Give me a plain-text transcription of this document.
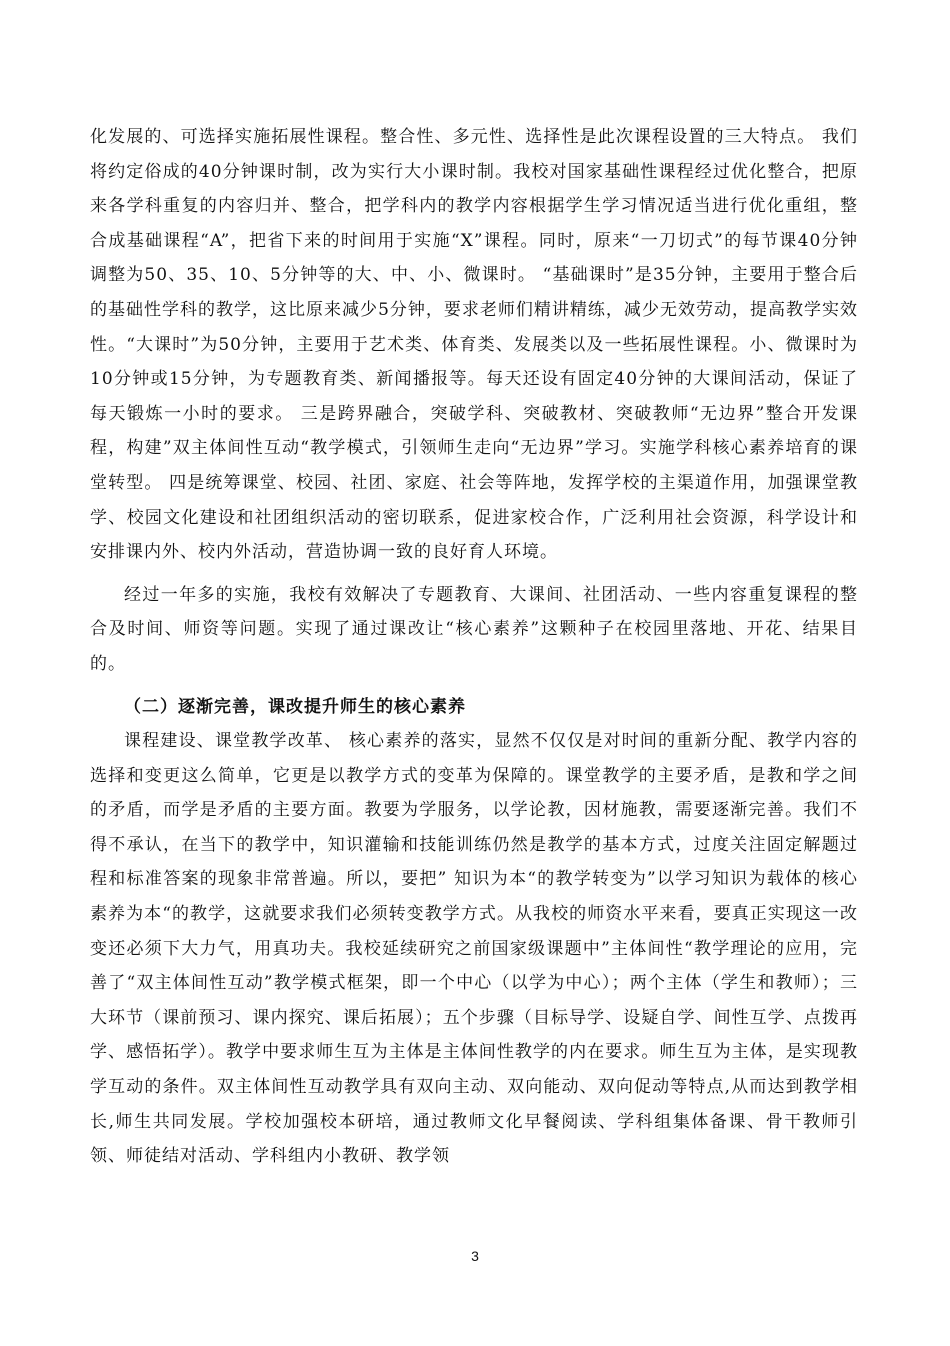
化发展的、可选择实施拓展性课程。整合性、多元性、选择性是此次课程设置的三大特点。 我们将约定俗成的40分钟课时制，改为实行大小课时制。我校对国家基础性课程经过优化整合，把原来各学科重复的内容归并、整合，把学科内的教学内容根据学生学习情况适当进行优化重组，整合成基础课程“A”，把省下来的时间用于实施“X”课程。同时，原来“一刀切式”的每节课40分钟调整为50、35、10、5分钟等的大、中、小、微课时。 “基础课时”是35分钟，主要用于整合后的基础性学科的教学，这比原来减少5分钟，要求老师们精讲精练，减少无效劳动，提高教学实效性。“大课时”为50分钟，主要用于艺术类、体育类、发展类以及一些拓展性课程。小、微课时为10分钟或15分钟，为专题教育类、新闻播报等。每天还设有固定40分钟的大课间活动，保证了每天锻炼一小时的要求。 三是跨界融合，突破学科、突破教材、突破教师“无边界”整合开发课程，构建”双主体间性互动“教学模式，引领师生走向“无边界”学习。实施学科核心素养培育的课堂转型。 四是统筹课堂、校园、社团、家庭、社会等阵地，发挥学校的主渠道作用，加强课堂教学、校园文化建设和社团组织活动的密切联系，促进家校合作，广泛利用社会资源，科学设计和安排课内外、校内外活动，营造协调一致的良好育人环境。

经过一年多的实施，我校有效解决了专题教育、大课间、社团活动、一些内容重复课程的整合及时间、师资等问题。实现了通过课改让“核心素养”这颗种子在校园里落地、开花、结果目的。

（二）逐渐完善，课改提升师生的核心素养

课程建设、课堂教学改革、 核心素养的落实，显然不仅仅是对时间的重新分配、教学内容的选择和变更这么简单，它更是以教学方式的变革为保障的。课堂教学的主要矛盾，是教和学之间的矛盾，而学是矛盾的主要方面。教要为学服务，以学论教，因材施教，需要逐渐完善。我们不得不承认，在当下的教学中，知识灌输和技能训练仍然是教学的基本方式，过度关注固定解题过程和标准答案的现象非常普遍。所以，要把” 知识为本“的教学转变为”以学习知识为载体的核心素养为本“的教学，这就要求我们必须转变教学方式。从我校的师资水平来看，要真正实现这一改变还必须下大力气，用真功夫。我校延续研究之前国家级课题中”主体间性“教学理论的应用，完善了“双主体间性互动”教学模式框架，即一个中心（以学为中心）；两个主体（学生和教师）；三大环节（课前预习、课内探究、课后拓展）；五个步骤（目标导学、设疑自学、间性互学、点拨再学、感悟拓学）。教学中要求师生互为主体是主体间性教学的内在要求。师生互为主体，是实现教学互动的条件。双主体间性互动教学具有双向主动、双向能动、双向促动等特点,从而达到教学相长,师生共同发展。学校加强校本研培，通过教师文化早餐阅读、学科组集体备课、骨干教师引领、师徒结对活动、学科组内小教研、教学领

3
